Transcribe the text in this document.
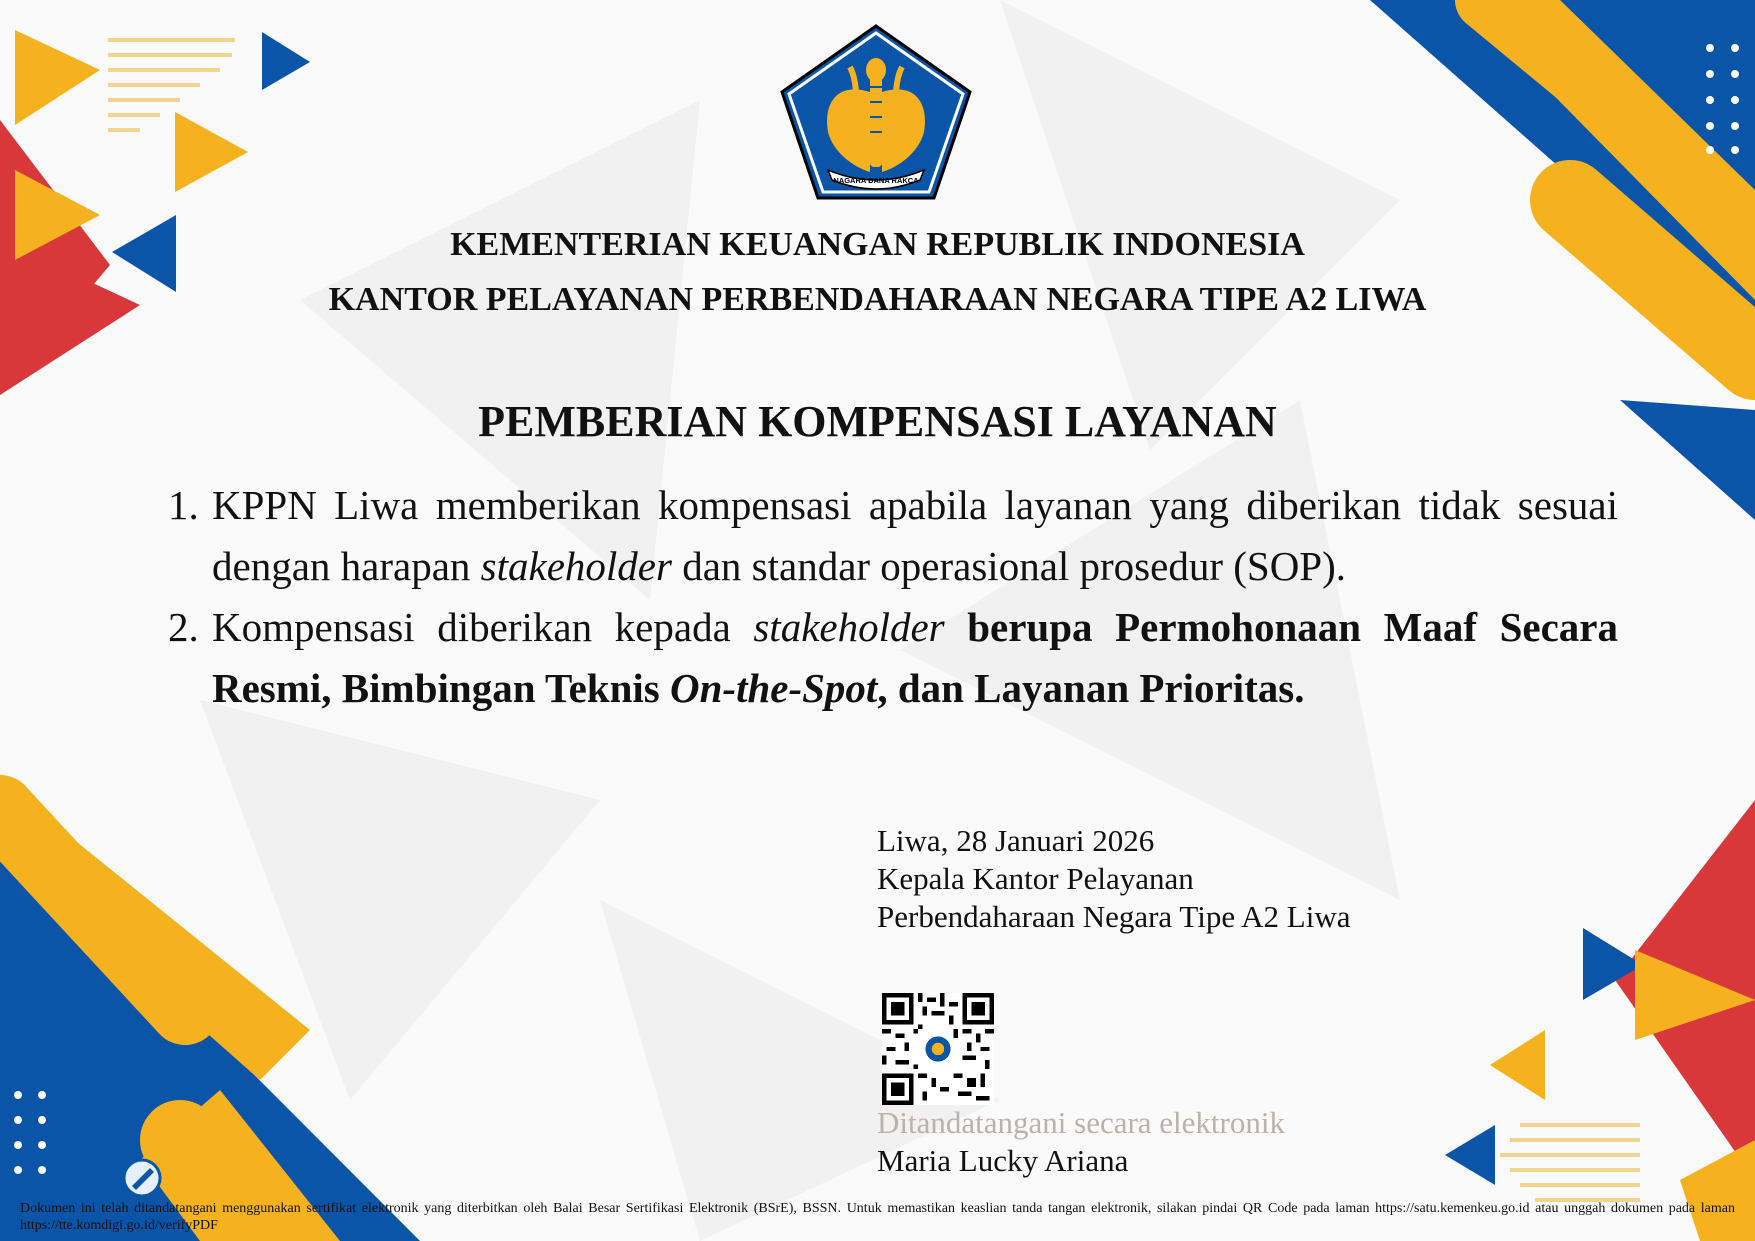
NAGARA DANA RAKCA
KEMENTERIAN KEUANGAN REPUBLIK INDONESIA
KANTOR PELAYANAN PERBENDAHARAAN NEGARA TIPE A2 LIWA
PEMBERIAN KOMPENSASI LAYANAN
1. KPPN Liwa memberikan kompensasi apabila layanan yang diberikan tidak sesuai dengan harapan stakeholder dan standar operasional prosedur (SOP).
2. Kompensasi diberikan kepada stakeholder berupa Permohonaan Maaf Secara Resmi, Bimbingan Teknis On-the-Spot, dan Layanan Prioritas.
Liwa, 28 Januari 2026
Kepala Kantor Pelayanan
Perbendaharaan Negara Tipe A2 Liwa
Ditandatangani secara elektronik
Maria Lucky Ariana
Dokumen ini telah ditandatangani menggunakan sertifikat elektronik yang diterbitkan oleh Balai Besar Sertifikasi Elektronik (BSrE), BSSN. Untuk memastikan keaslian tanda tangan elektronik, silakan pindai QR Code pada laman https://satu.kemenkeu.go.id atau unggah dokumen pada laman https://tte.komdigi.go.id/verifyPDF
